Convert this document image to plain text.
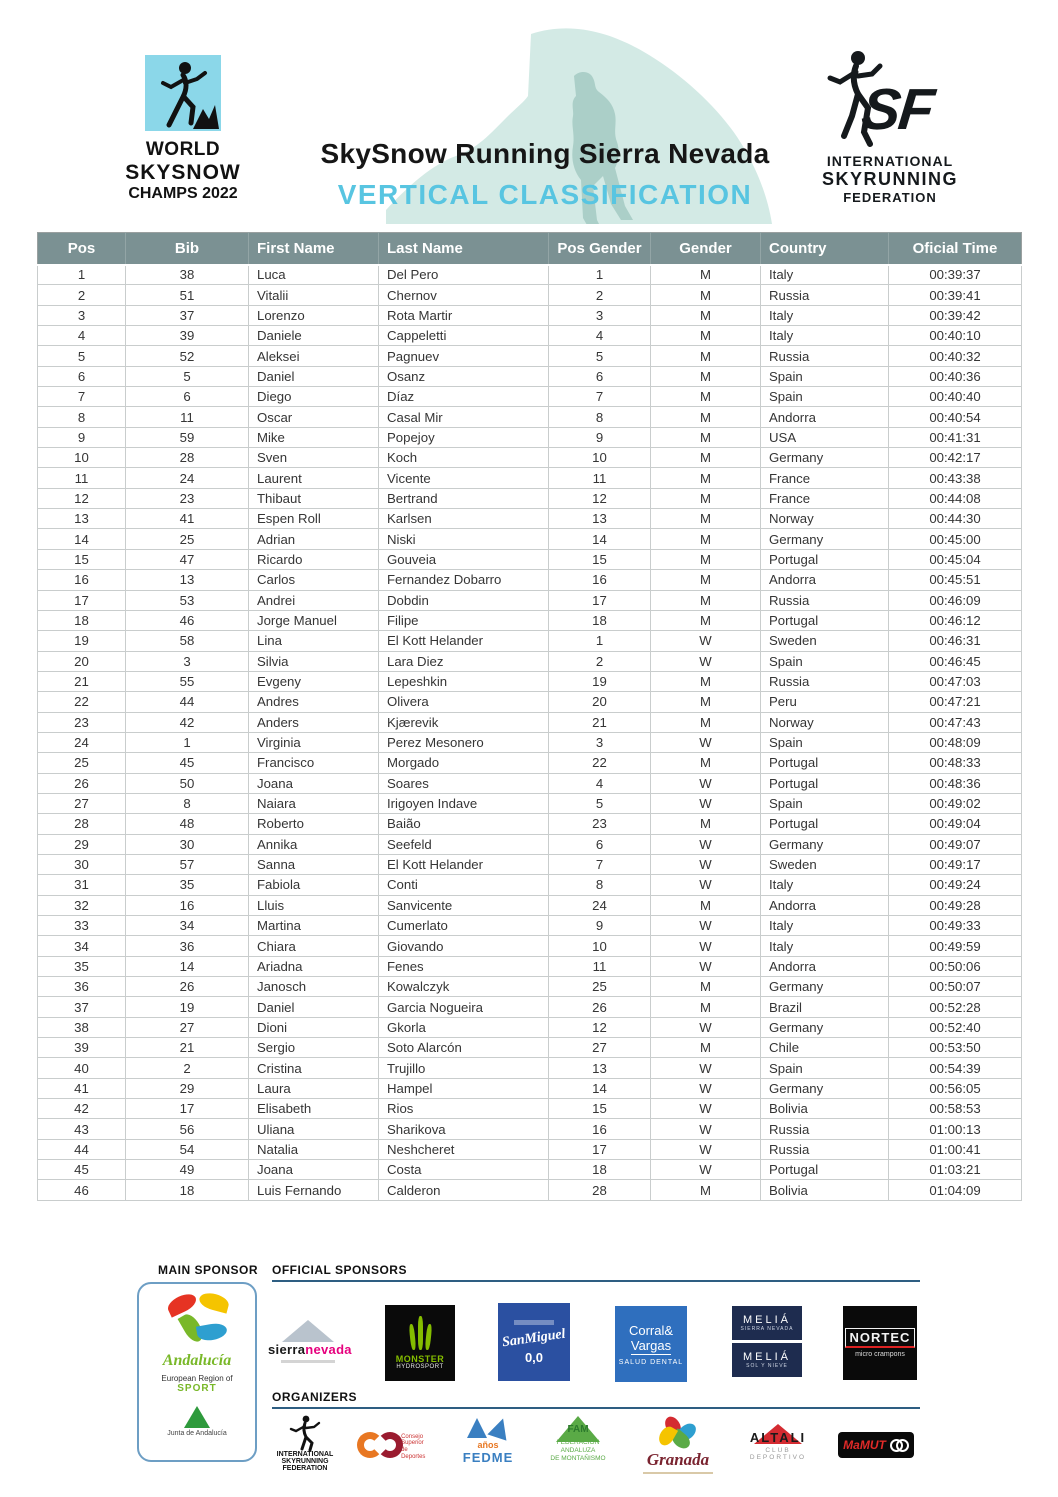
WORLD
SKYSNOW
CHAMPS 2022
SkySnow Running Sierra Nevada
VERTICAL CLASSIFICATION
SF
INTERNATIONAL
SKYRUNNING
FEDERATION
Pos	Bib	First Name	Last Name	Pos Gender	Gender	Country	Oficial Time
1	38	Luca	Del Pero	1	M	Italy	00:39:37
2	51	Vitalii	Chernov	2	M	Russia	00:39:41
3	37	Lorenzo	Rota Martir	3	M	Italy	00:39:42
4	39	Daniele	Cappeletti	4	M	Italy	00:40:10
5	52	Aleksei	Pagnuev	5	M	Russia	00:40:32
6	5	Daniel	Osanz	6	M	Spain	00:40:36
7	6	Diego	Díaz	7	M	Spain	00:40:40
8	11	Oscar	Casal Mir	8	M	Andorra	00:40:54
9	59	Mike	Popejoy	9	M	USA	00:41:31
10	28	Sven	Koch	10	M	Germany	00:42:17
11	24	Laurent	Vicente	11	M	France	00:43:38
12	23	Thibaut	Bertrand	12	M	France	00:44:08
13	41	Espen Roll	Karlsen	13	M	Norway	00:44:30
14	25	Adrian	Niski	14	M	Germany	00:45:00
15	47	Ricardo	Gouveia	15	M	Portugal	00:45:04
16	13	Carlos	Fernandez Dobarro	16	M	Andorra	00:45:51
17	53	Andrei	Dobdin	17	M	Russia	00:46:09
18	46	Jorge Manuel	Filipe	18	M	Portugal	00:46:12
19	58	Lina	El Kott Helander	1	W	Sweden	00:46:31
20	3	Silvia	Lara Diez	2	W	Spain	00:46:45
21	55	Evgeny	Lepeshkin	19	M	Russia	00:47:03
22	44	Andres	Olivera	20	M	Peru	00:47:21
23	42	Anders	Kjærevik	21	M	Norway	00:47:43
24	1	Virginia	Perez Mesonero	3	W	Spain	00:48:09
25	45	Francisco	Morgado	22	M	Portugal	00:48:33
26	50	Joana	Soares	4	W	Portugal	00:48:36
27	8	Naiara	Irigoyen Indave	5	W	Spain	00:49:02
28	48	Roberto	Baião	23	M	Portugal	00:49:04
29	30	Annika	Seefeld	6	W	Germany	00:49:07
30	57	Sanna	El Kott Helander	7	W	Sweden	00:49:17
31	35	Fabiola	Conti	8	W	Italy	00:49:24
32	16	Lluis	Sanvicente	24	M	Andorra	00:49:28
33	34	Martina	Cumerlato	9	W	Italy	00:49:33
34	36	Chiara	Giovando	10	W	Italy	00:49:59
35	14	Ariadna	Fenes	11	W	Andorra	00:50:06
36	26	Janosch	Kowalczyk	25	M	Germany	00:50:07
37	19	Daniel	Garcia Nogueira	26	M	Brazil	00:52:28
38	27	Dioni	Gkorla	12	W	Germany	00:52:40
39	21	Sergio	Soto Alarcón	27	M	Chile	00:53:50
40	2	Cristina	Trujillo	13	W	Spain	00:54:39
41	29	Laura	Hampel	14	W	Germany	00:56:05
42	17	Elisabeth	Rios	15	W	Bolivia	00:58:53
43	56	Uliana	Sharikova	16	W	Russia	01:00:13
44	54	Natalia	Neshcheret	17	W	Russia	01:00:41
45	49	Joana	Costa	18	W	Portugal	01:03:21
46	18	Luis Fernando	Calderon	28	M	Bolivia	01:04:09
MAIN SPONSOR OFFICIAL SPONSORS
ORGANIZERS
Andalucía
European Region of
SPORT
Junta de Andalucía
sierranevada
MONSTER
HYDROSPORT
SanMiguel
0,0
Corral&
Vargas
SALUD DENTAL
MELIÁ
SIERRA NEVADA
MELIÁ
SOL Y NIEVE
NORTEC
micro crampons
INTERNATIONAL
SKYRUNNING
FEDERATION
Consejo
Superior
de Deportes
años
FEDME
FAM
FEDERACIÓN ANDALUZA
DE MONTAÑISMO	Granada
ALTALI
CLUB DEPORTIVO
MaMUT
